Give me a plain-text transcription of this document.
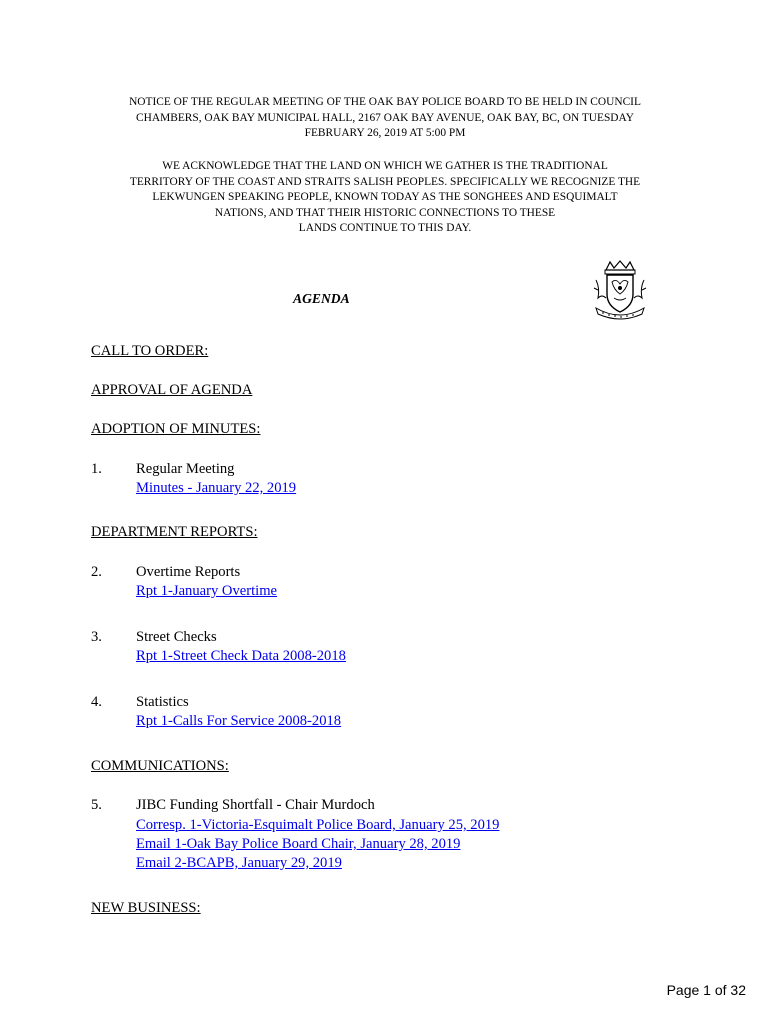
NOTICE OF THE REGULAR MEETING OF THE OAK BAY POLICE BOARD TO BE HELD IN COUNCIL
CHAMBERS, OAK BAY MUNICIPAL HALL, 2167 OAK BAY AVENUE, OAK BAY, BC, ON TUESDAY
FEBRUARY 26, 2019 AT 5:00 PM
WE ACKNOWLEDGE THAT THE LAND ON WHICH WE GATHER IS THE TRADITIONAL
TERRITORY OF THE COAST AND STRAITS SALISH PEOPLES. SPECIFICALLY WE RECOGNIZE THE
LEKWUNGEN SPEAKING PEOPLE, KNOWN TODAY AS THE SONGHEES AND ESQUIMALT
NATIONS, AND THAT THEIR HISTORIC CONNECTIONS TO THESE
LANDS CONTINUE TO THIS DAY.
AGENDA
CALL TO ORDER:
APPROVAL OF AGENDA
ADOPTION OF MINUTES:
1. Regular Meeting
Minutes - January 22, 2019
DEPARTMENT REPORTS:
2. Overtime Reports
Rpt 1-January Overtime
3. Street Checks
Rpt 1-Street Check Data 2008-2018
4. Statistics
Rpt 1-Calls For Service 2008-2018
COMMUNICATIONS:
5. JIBC Funding Shortfall - Chair Murdoch
Corresp. 1-Victoria-Esquimalt Police Board, January 25, 2019
Email 1-Oak Bay Police Board Chair, January 28, 2019
Email 2-BCAPB, January 29, 2019
NEW BUSINESS:
Page 1 of 32
